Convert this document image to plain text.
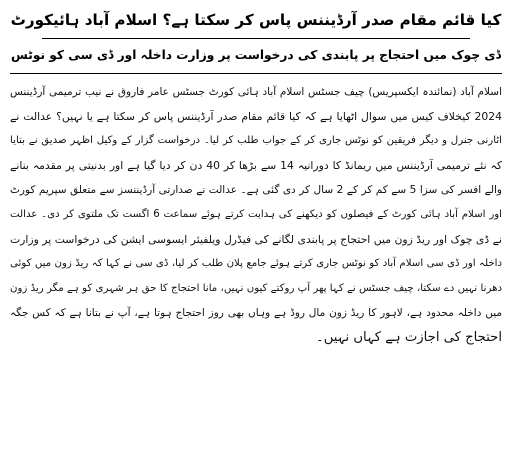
کیا قائم مقام صدر آرڈیننس پاس کر سکتا ہے؟ اسلام آباد ہائیکورٹ
ڈی چوک میں احتجاج پر پابندی کی درخواست پر وزارت داخلہ اور ڈی سی کو نوٹس
اسلام آباد (نمائندہ ایکسپریس) چیف جسٹس اسلام آباد ہائی کورٹ جسٹس عامر فاروق نے نیب ترمیمی آرڈیننس
2024 کیخلاف کیس میں سوال اٹھایا ہے کہ کیا قائم مقام صدر آرڈیننس پاس کر سکتا ہے یا نہیں؟ عدالت نے
اٹارنی جنرل و دیگر فریقین کو نوٹس جاری کر کے جواب طلب کر لیا۔ درخواست گزار کے وکیل اظہر صدیق نے بتایا
کہ نئے ترمیمی آرڈیننس میں ریمانڈ کا دورانیہ 14 سے بڑھا کر 40 دن کر دیا گیا ہے اور بدنیتی پر مقدمہ بنانے
والے افسر کی سزا 5 سے کم کر کے 2 سال کر دی گئی ہے۔ عدالت نے صدارتی آرڈیننسز سے متعلق سپریم کورٹ
اور اسلام آباد ہائی کورٹ کے فیصلوں کو دیکھنے کی ہدایت کرتے ہوئے سماعت 6 اگست تک ملتوی کر دی۔ عدالت
نے ڈی چوک اور ریڈ زون میں احتجاج پر پابندی لگانے کی فیڈرل ویلفیئر ایسوسی ایشن کی درخواست پر وزارت
داخلہ اور ڈی سی اسلام آباد کو نوٹس جاری کرتے ہوئے جامع پلان طلب کر لیا، ڈی سی نے کہا کہ ریڈ زون میں کوئی
دھرنا نہیں دے سکتا، چیف جسٹس نے کہا پھر آپ روکتے کیوں نہیں، مانا احتجاج کا حق ہر شہری کو ہے مگر ریڈ زون
میں داخلہ محدود ہے، لاہور کا ریڈ زون مال روڈ ہے وہاں بھی روز احتجاج ہوتا ہے، آپ نے بتانا ہے کہ کس جگہ
احتجاج کی اجازت ہے کہاں نہیں۔
